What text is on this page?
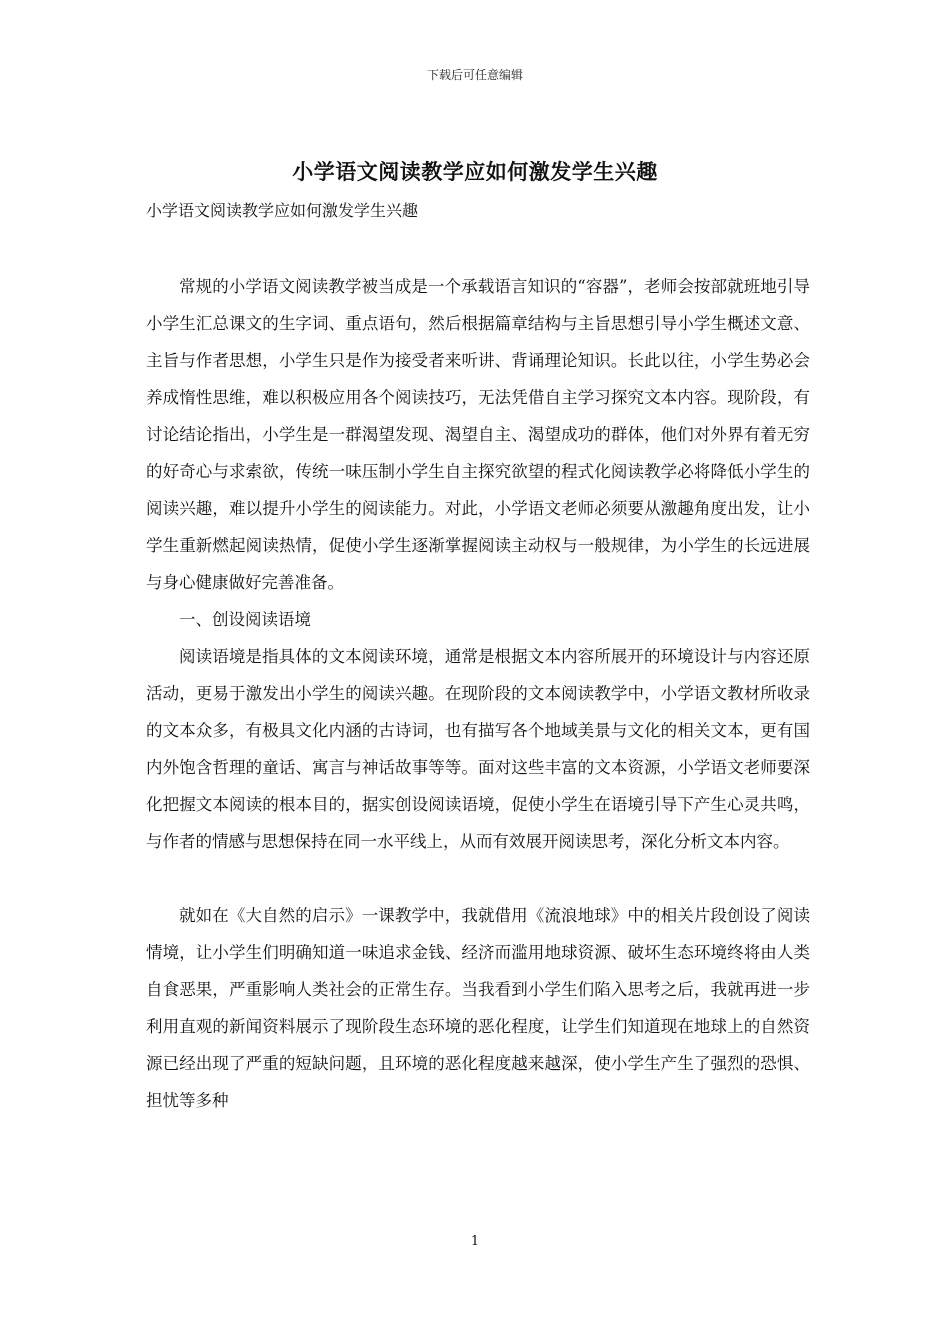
下载后可任意编辑
小学语文阅读教学应如何激发学生兴趣

小学语文阅读教学应如何激发学生兴趣

常规的小学语文阅读教学被当成是一个承载语言知识的“容器”，老师会按部就班地引导小学生汇总课文的生字词、重点语句，然后根据篇章结构与主旨思想引导小学生概述文意、主旨与作者思想，小学生只是作为接受者来听讲、背诵理论知识。长此以往，小学生势必会养成惰性思维，难以积极应用各个阅读技巧，无法凭借自主学习探究文本内容。现阶段，有讨论结论指出，小学生是一群渴望发现、渴望自主、渴望成功的群体，他们对外界有着无穷的好奇心与求索欲，传统一味压制小学生自主探究欲望的程式化阅读教学必将降低小学生的阅读兴趣，难以提升小学生的阅读能力。对此，小学语文老师必须要从激趣角度出发，让小学生重新燃起阅读热情，促使小学生逐渐掌握阅读主动权与一般规律，为小学生的长远进展与身心健康做好完善准备。

一、创设阅读语境

阅读语境是指具体的文本阅读环境，通常是根据文本内容所展开的环境设计与内容还原活动，更易于激发出小学生的阅读兴趣。在现阶段的文本阅读教学中，小学语文教材所收录的文本众多，有极具文化内涵的古诗词，也有描写各个地域美景与文化的相关文本，更有国内外饱含哲理的童话、寓言与神话故事等等。面对这些丰富的文本资源，小学语文老师要深化把握文本阅读的根本目的，据实创设阅读语境，促使小学生在语境引导下产生心灵共鸣，与作者的情感与思想保持在同一水平线上，从而有效展开阅读思考，深化分析文本内容。

就如在《大自然的启示》一课教学中，我就借用《流浪地球》中的相关片段创设了阅读情境，让小学生们明确知道一味追求金钱、经济而滥用地球资源、破坏生态环境终将由人类自食恶果，严重影响人类社会的正常生存。当我看到小学生们陷入思考之后，我就再进一步利用直观的新闻资料展示了现阶段生态环境的恶化程度，让学生们知道现在地球上的自然资源已经出现了严重的短缺问题，且环境的恶化程度越来越深，使小学生产生了强烈的恐惧、担忧等多种

1
